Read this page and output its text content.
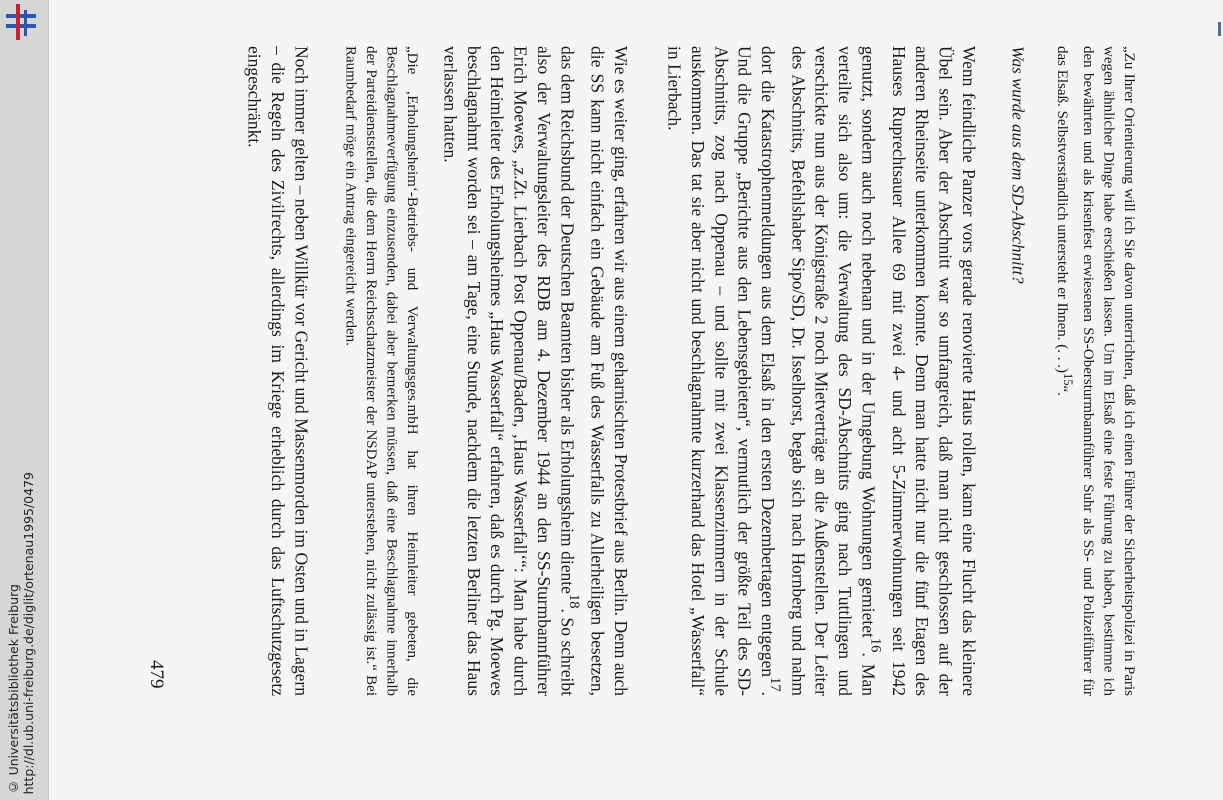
© Universitätsbibliothek Freiburg http://dl.ub.uni-freiburg.de/diglit/ortenau1995/0479	„Zu Ihrer Orientierung will ich Sie davon unterrichten, daß ich einen Führer der Sicherheitspolizei in Paris wegen ähnlicher Dinge habe erschießen lassen. Um im Elsaß eine feste Führung zu haben, bestimme ich den bewährten und als krisenfest erwiesenen SS-Obersturmbannführer Suhr als SS- und Polizeiführer für das Elsaß. Selbstverständlich untersteht er Ihnen. (. . .)$^{15}$“.

Was wurde aus dem SD-Abschnitt?

Wenn feindliche Panzer vors gerade renovierte Haus rollen, kann eine Flucht das kleinere Übel sein. Aber der Abschnitt war so umfangreich, daß man nicht geschlossen auf der anderen Rheinseite unterkommen konnte. Denn man hatte nicht nur die fünf Etagen des Hauses Ruprechtsauer Allee 69 mit zwei 4- und acht 5-Zimmerwohnungen seit 1942 genutzt, sondern auch noch nebenan und in der Umgebung Wohnungen gemietet$^{16}$. Man verteilte sich also um: die Verwaltung des SD-Abschnitts ging nach Tuttlingen und verschickte nun aus der Königstraße 2 noch Mietverträge an die Außenstellen. Der Leiter des Abschnitts, Befehlshaber Sipo/SD, Dr. Isselhorst, begab sich nach Hornberg und nahm dort die Katastrophenmeldungen aus dem Elsaß in den ersten Dezembertagen entgegen$^{17}$. Und die Gruppe „Berichte aus den Lebensgebieten“, vermutlich der größte Teil des SD-Abschnitts, zog nach Oppenau – und sollte mit zwei Klassenzimmern in der Schule auskommen. Das tat sie aber nicht und beschlagnahmte kurzerhand das Hotel „Wasserfall“ in Lierbach.

Wie es weiter ging, erfahren wir aus einem geharnischten Protestbrief aus Berlin. Denn auch die SS kann nicht einfach ein Gebäude am Fuß des Wasserfalls zu Allerheiligen besetzen, das dem Reichsbund der Deutschen Beamten bisher als Erholungsheim diente$^{18}$. So schreibt also der Verwaltungsleiter des RDB am 4. Dezember 1944 an den SS-Sturmbannführer Erich Moewes, „z.Zt. Lierbach Post Oppenau/Baden, ‚Haus Wasserfall‘“: Man habe durch den Heimleiter des Erholungsheimes „Haus Wasserfall“ erfahren, daß es durch Pg. Moewes beschlagnahmt worden sei – am Tage, eine Stunde, nachdem die letzten Berliner das Haus verlassen hatten.

„Die ‚Erholungsheim‘-Betriebs- und Verwaltungsges.mbH hat ihren Heimleiter gebeten, die Beschlagnahmeverfügung einzusenden, dabei aber bemerken müssen, daß eine Beschlagnahme innerhalb der Parteidienststellen, die dem Herrn Reichsschatzmeister der NSDAP unterstehen, nicht zulässig ist.“ Bei Raumbedarf möge ein Antrag eingereicht werden.

Noch immer gelten – neben Willkür vor Gericht und Massenmorden im Osten und in Lagern – die Regeln des Zivilrechts, allerdings im Kriege erheblich durch das Luftschutzgesetz eingeschränkt.

479
